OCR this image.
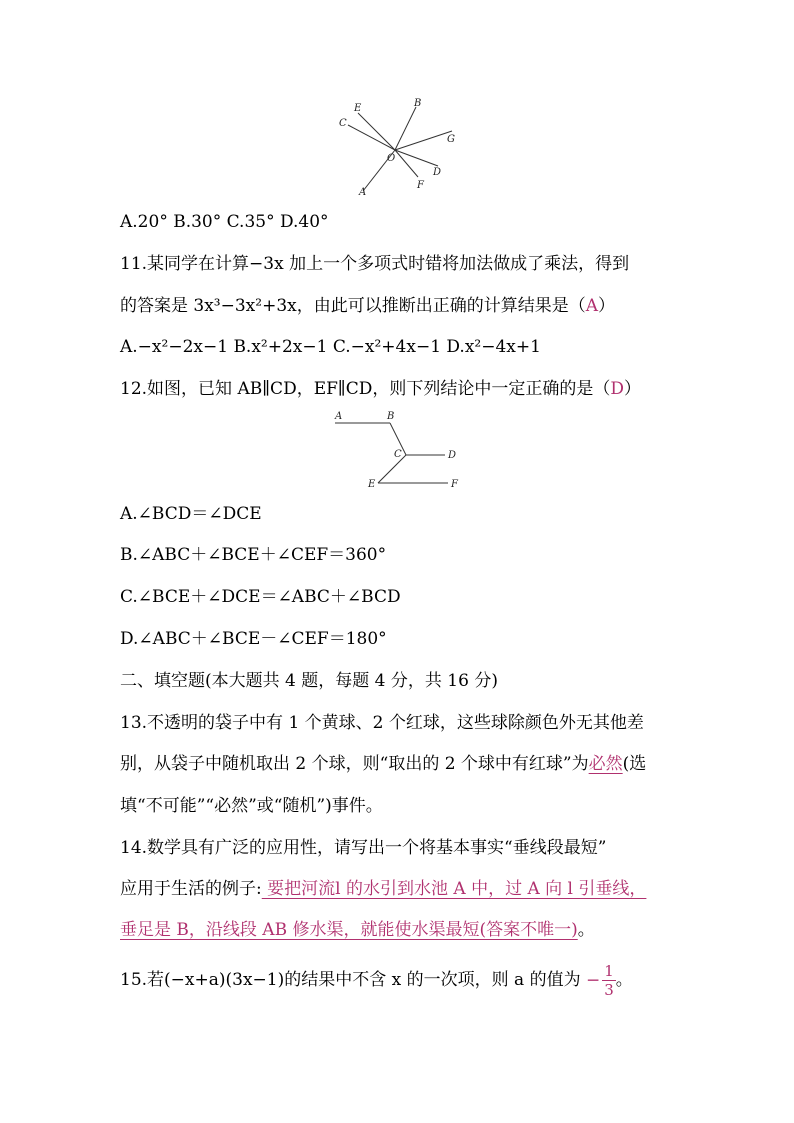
E	B
C
G
O
D
F
A
A.20° B.30° C.35° D.40°
11.某同学在计算−3x 加上一个多项式时错将加法做成了乘法，得到
的答案是 3x³−3x²+3x，由此可以推断出正确的计算结果是（A）
A.−x²−2x−1 B.x²+2x−1 C.−x²+4x−1 D.x²−4x+1
12.如图，已知 AB∥CD，EF∥CD，则下列结论中一定正确的是（D）
A	B
C	D
E	F
A.∠BCD＝∠DCE
B.∠ABC＋∠BCE＋∠CEF＝360°
C.∠BCE＋∠DCE＝∠ABC＋∠BCD
D.∠ABC＋∠BCE－∠CEF＝180°
二、填空题(本大题共 4 题，每题 4 分，共 16 分)
13.不透明的袋子中有 1 个黄球、2 个红球，这些球除颜色外无其他差
别，从袋子中随机取出 2 个球，则“取出的 2 个球中有红球”为必然(选
填“不可能”“必然”或“随机”)事件。
14.数学具有广泛的应用性，请写出一个将基本事实“垂线段最短”
应用于生活的例子: 要把河流l 的水引到水池 A 中，过 A 向 l 引垂线，
垂足是 B，沿线段 AB 修水渠，就能使水渠最短(答案不唯一)。
15.若(−x+a)(3x−1)的结果中不含 x 的一次项，则 a 的值为 − $\frac{1}{3}$ 。
